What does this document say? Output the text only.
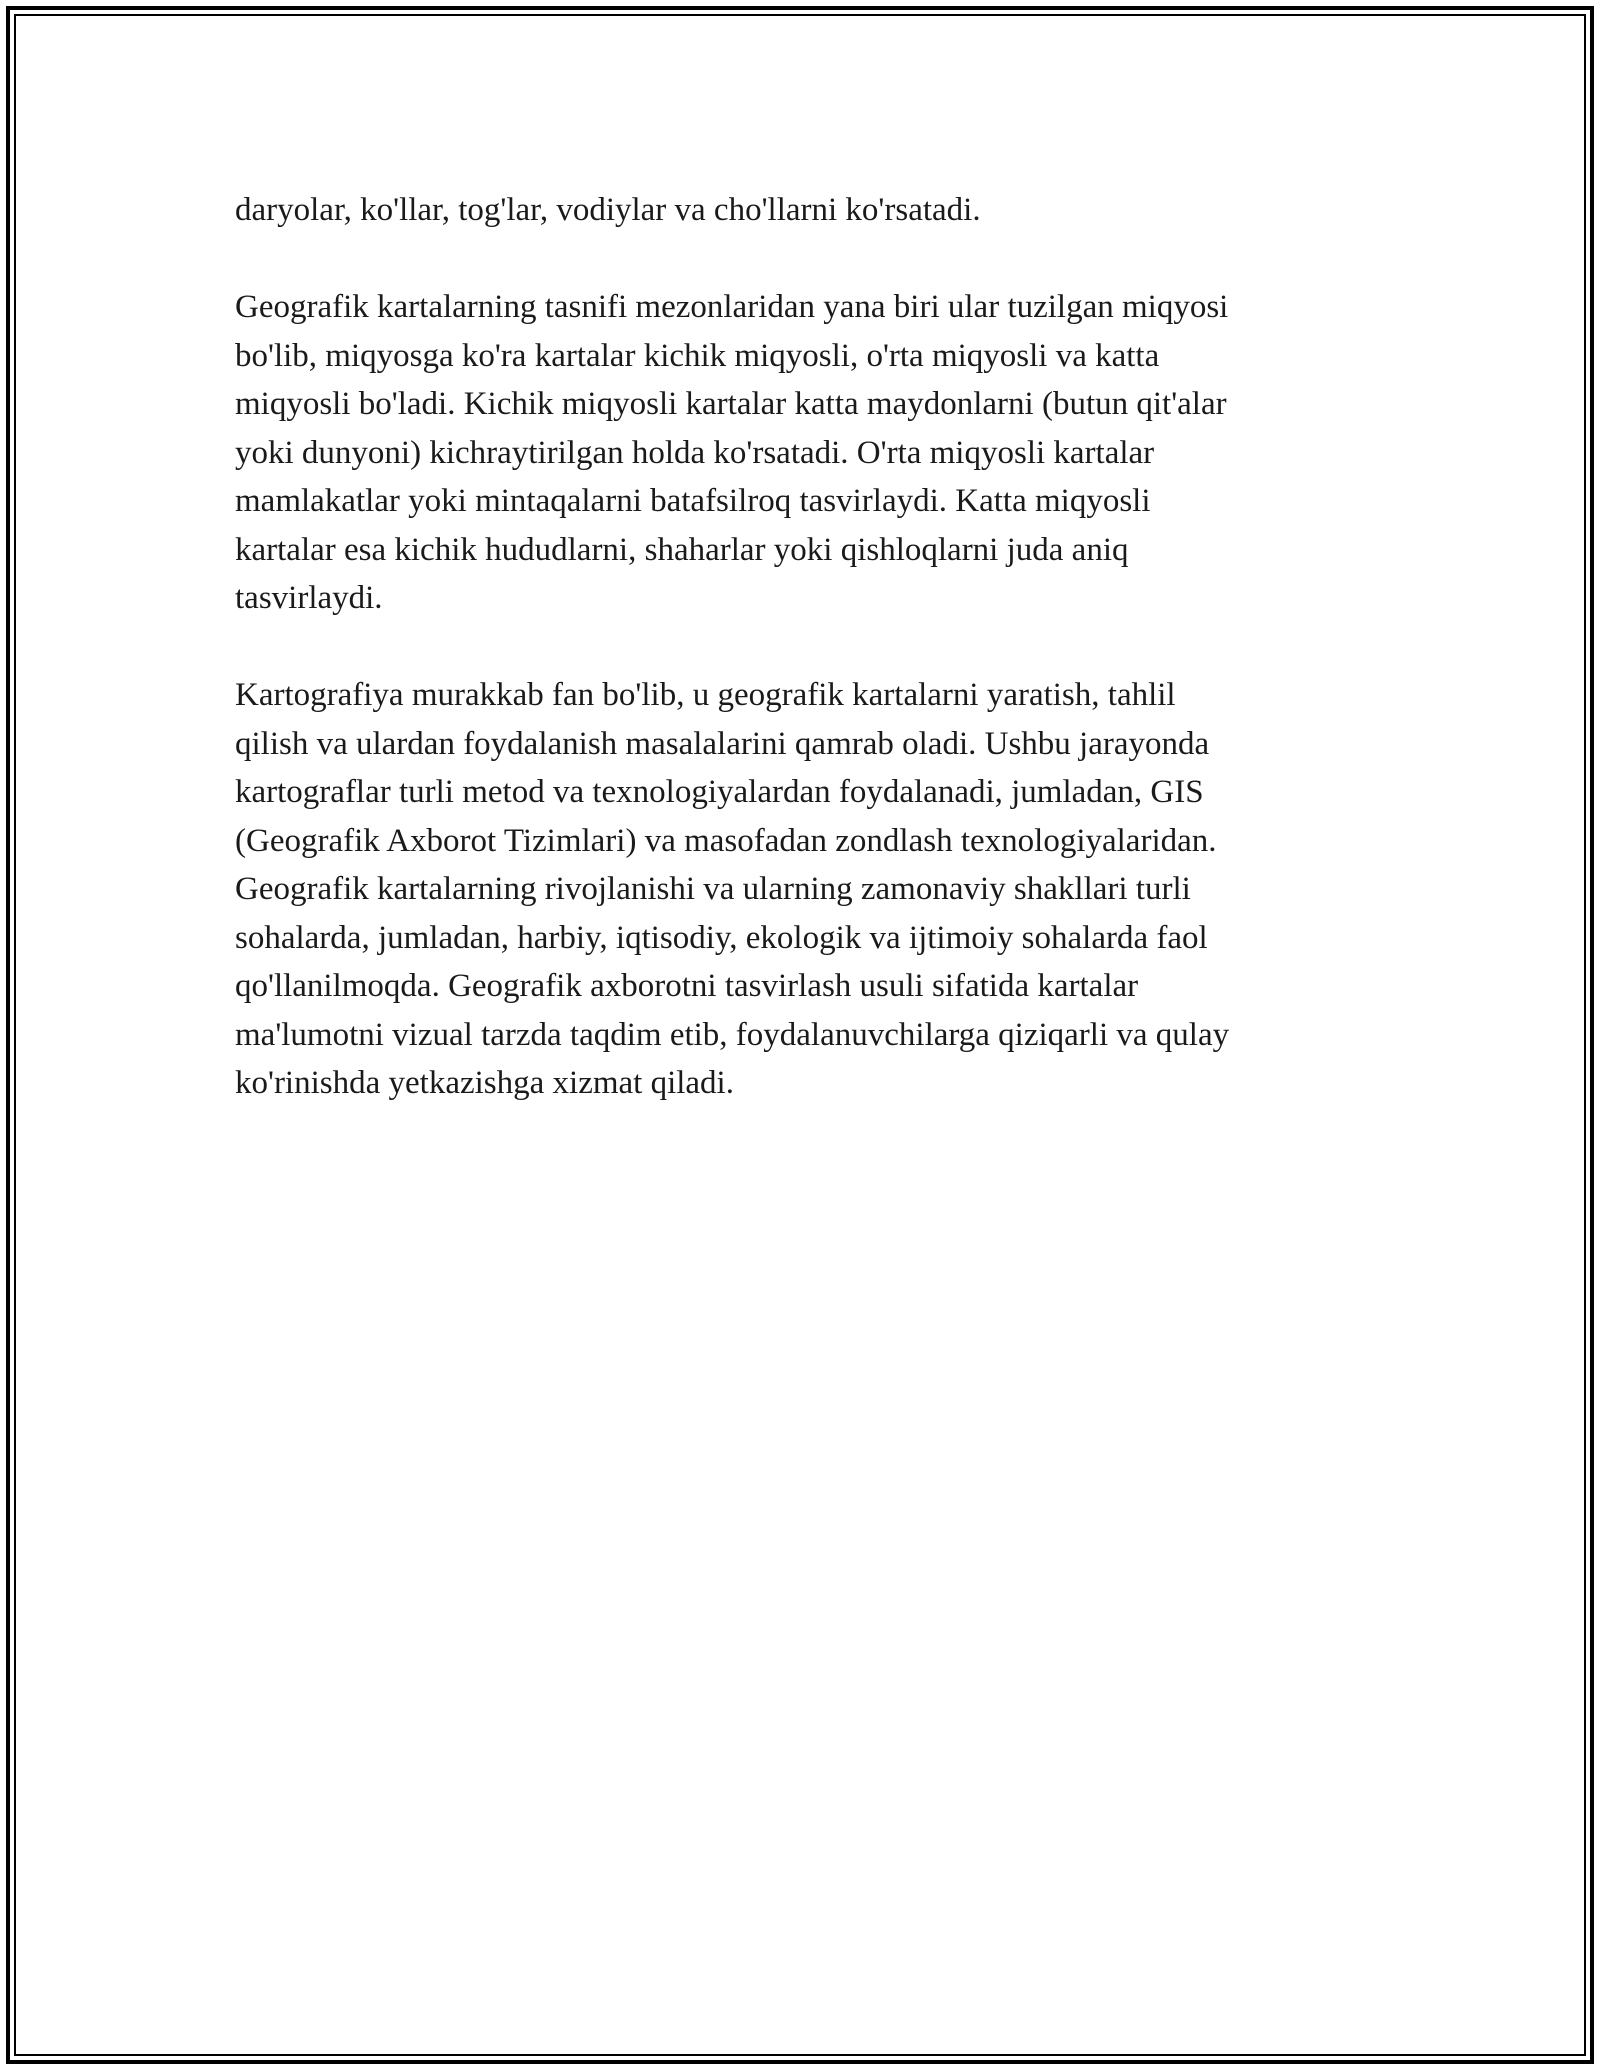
daryolar, ko'llar, tog'lar, vodiylar va cho'llarni ko'rsatadi.

Geografik kartalarning tasnifi mezonlaridan yana biri ular tuzilgan miqyosi
bo'lib, miqyosga ko'ra kartalar kichik miqyosli, o'rta miqyosli va katta
miqyosli bo'ladi. Kichik miqyosli kartalar katta maydonlarni (butun qit'alar
yoki dunyoni) kichraytirilgan holda ko'rsatadi. O'rta miqyosli kartalar
mamlakatlar yoki mintaqalarni batafsilroq tasvirlaydi. Katta miqyosli
kartalar esa kichik hududlarni, shaharlar yoki qishloqlarni juda aniq
tasvirlaydi.

Kartografiya murakkab fan bo'lib, u geografik kartalarni yaratish, tahlil
qilish va ulardan foydalanish masalalarini qamrab oladi. Ushbu jarayonda
kartograflar turli metod va texnologiyalardan foydalanadi, jumladan, GIS
(Geografik Axborot Tizimlari) va masofadan zondlash texnologiyalaridan.
Geografik kartalarning rivojlanishi va ularning zamonaviy shakllari turli
sohalarda, jumladan, harbiy, iqtisodiy, ekologik va ijtimoiy sohalarda faol
qo'llanilmoqda. Geografik axborotni tasvirlash usuli sifatida kartalar
ma'lumotni vizual tarzda taqdim etib, foydalanuvchilarga qiziqarli va qulay
ko'rinishda yetkazishga xizmat qiladi.
